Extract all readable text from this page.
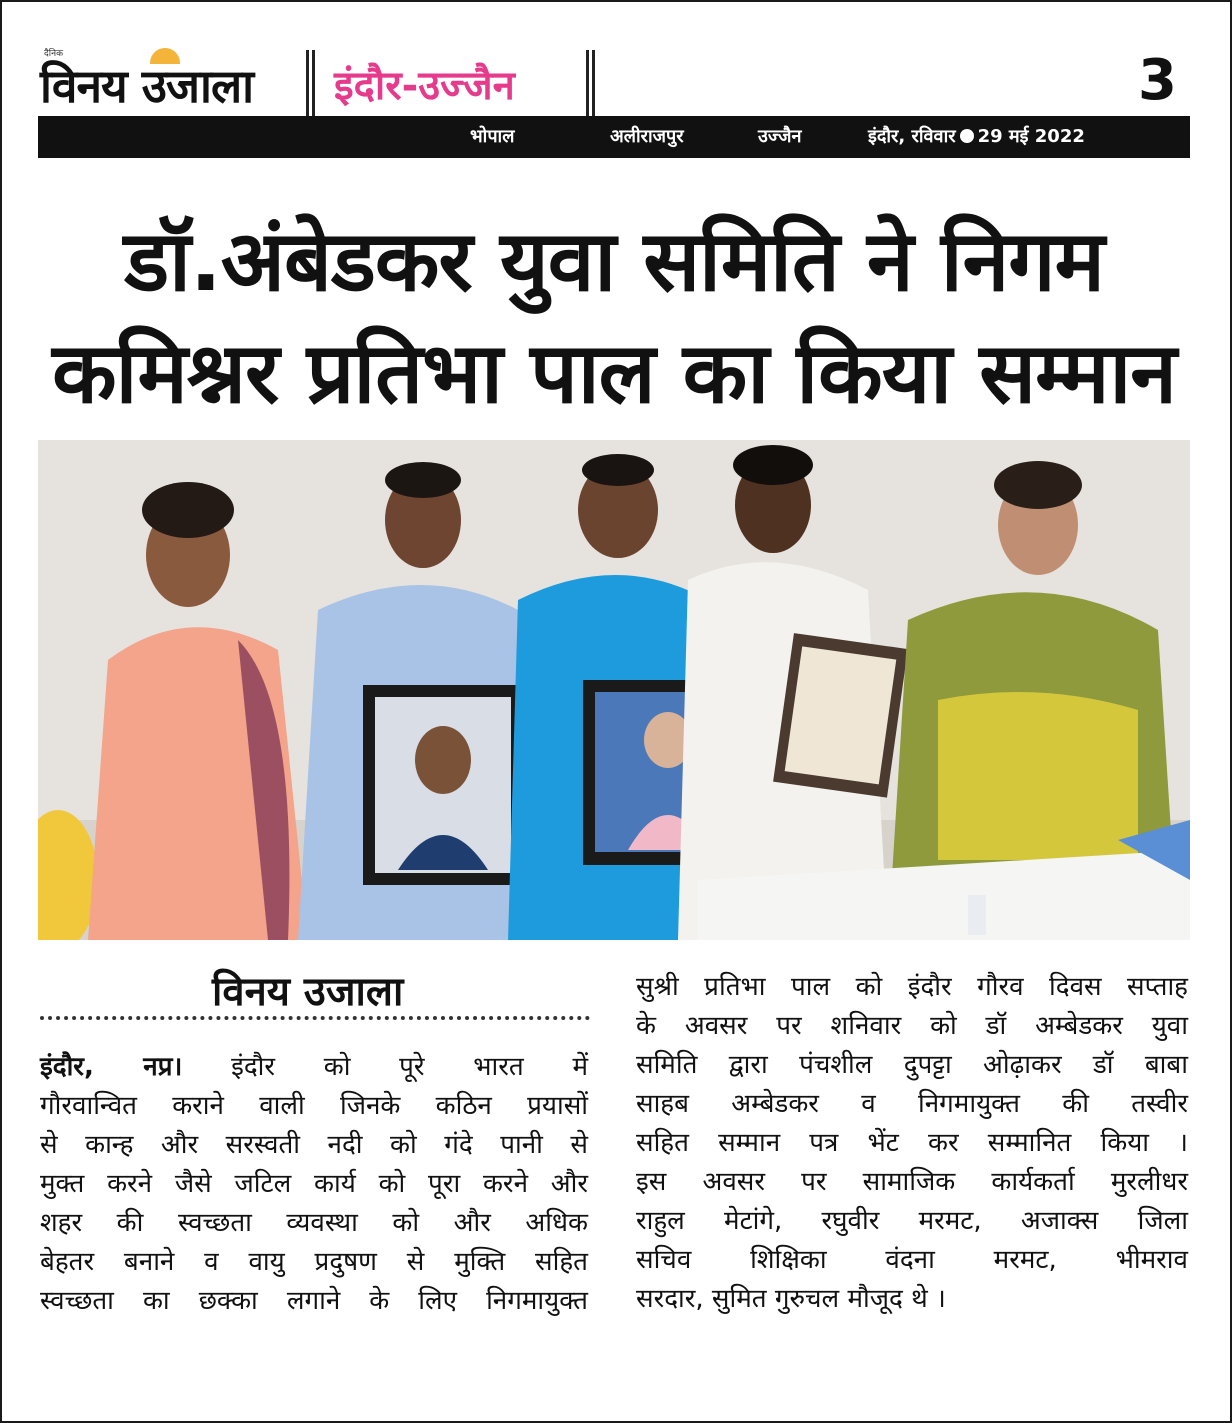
दैनिक
विनय उजाला इंदौर-उज्जैन	3
भोपाल	अलीराजपुर	उज्जैन	इंदौर, रविवार 29 मई 2022
डॉ.अंबेडकर युवा समिति ने निगम
कमिश्नर प्रतिभा पाल का किया सम्मान
विनय उजाला

इंदौर, नप्र। इंदौर को पूरे भारत में

गौरवान्वित कराने वाली जिनके कठिन प्रयासों

से कान्ह और सरस्वती नदी को गंदे पानी से

मुक्त करने जैसे जटिल कार्य को पूरा करने और

शहर की स्वच्छता व्यवस्था को और अधिक

बेहतर बनाने व वायु प्रदुषण से मुक्ति सहित

स्वच्छता का छक्का लगाने के लिए निगमायुक्त

सुश्री प्रतिभा पाल को इंदौर गौरव दिवस सप्ताह

के अवसर पर शनिवार को डॉ अम्बेडकर युवा

समिति द्वारा पंचशील दुपट्टा ओढ़ाकर डॉ बाबा

साहब अम्बेडकर व निगमायुक्त की तस्वीर

सहित सम्मान पत्र भेंट कर सम्मानित किया ।

इस अवसर पर सामाजिक कार्यकर्ता मुरलीधर

राहुल मेटांगे, रघुवीर मरमट, अजाक्स जिला

सचिव शिक्षिका वंदना मरमट, भीमराव

सरदार, सुमित गुरुचल मौजूद थे ।
